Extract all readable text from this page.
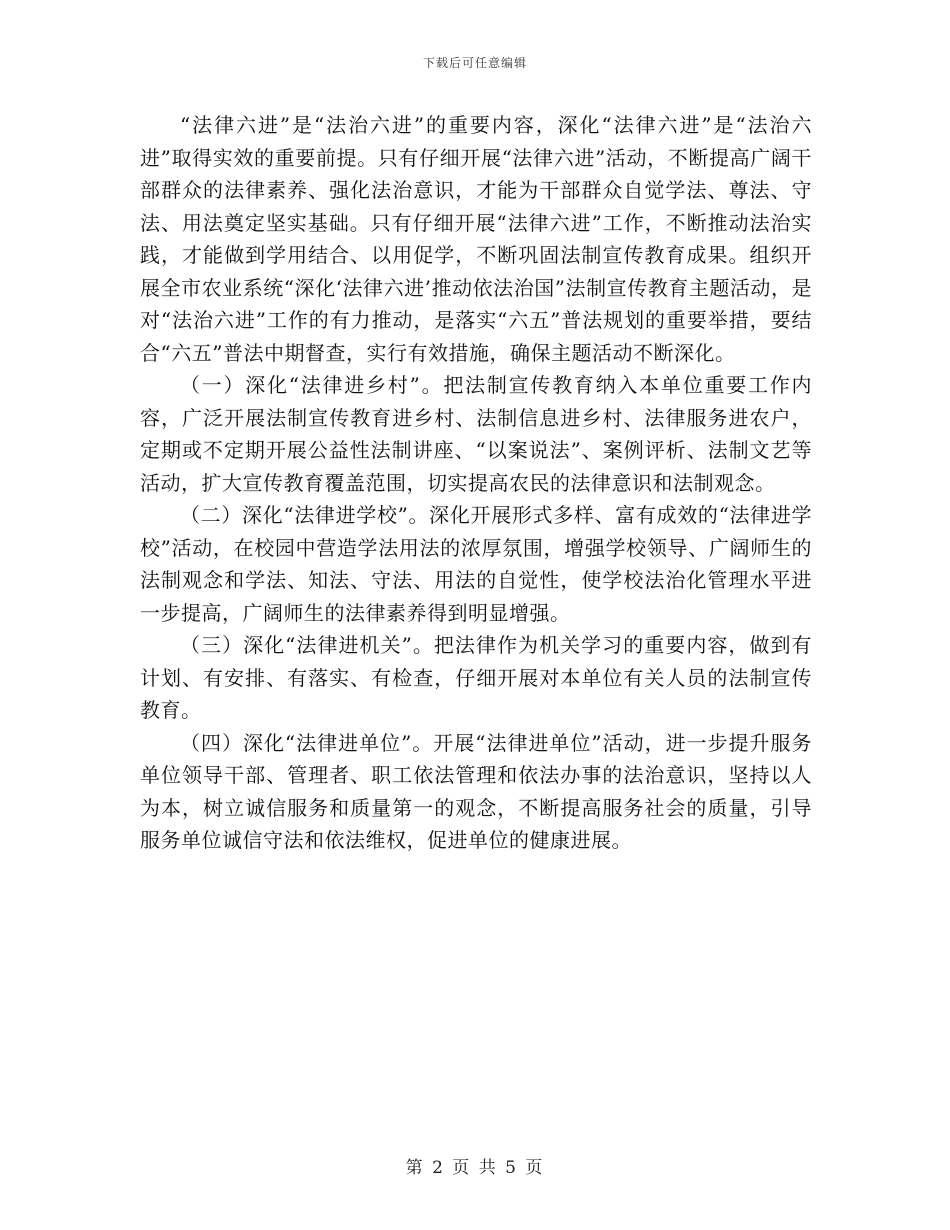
下载后可任意编辑

“法律六进”是“法治六进”的重要内容，深化“法律六进”是“法治六进”取得实效的重要前提。只有仔细开展“法律六进”活动，不断提高广阔干部群众的法律素养、强化法治意识，才能为干部群众自觉学法、尊法、守法、用法奠定坚实基础。只有仔细开展“法律六进”工作，不断推动法治实践，才能做到学用结合、以用促学，不断巩固法制宣传教育成果。组织开展全市农业系统“深化‘法律六进’推动依法治国”法制宣传教育主题活动，是对“法治六进”工作的有力推动，是落实“六五”普法规划的重要举措，要结合“六五”普法中期督查，实行有效措施，确保主题活动不断深化。

（一）深化“法律进乡村”。把法制宣传教育纳入本单位重要工作内容，广泛开展法制宣传教育进乡村、法制信息进乡村、法律服务进农户，定期或不定期开展公益性法制讲座、“以案说法”、案例评析、法制文艺等活动，扩大宣传教育覆盖范围，切实提高农民的法律意识和法制观念。

（二）深化“法律进学校”。深化开展形式多样、富有成效的“法律进学校”活动，在校园中营造学法用法的浓厚氛围，增强学校领导、广阔师生的法制观念和学法、知法、守法、用法的自觉性，使学校法治化管理水平进一步提高，广阔师生的法律素养得到明显增强。

（三）深化“法律进机关”。把法律作为机关学习的重要内容，做到有计划、有安排、有落实、有检查，仔细开展对本单位有关人员的法制宣传教育。

（四）深化“法律进单位”。开展“法律进单位”活动，进一步提升服务单位领导干部、管理者、职工依法管理和依法办事的法治意识，坚持以人为本，树立诚信服务和质量第一的观念，不断提高服务社会的质量，引导服务单位诚信守法和依法维权，促进单位的健康进展。

第 2 页 共 5 页
